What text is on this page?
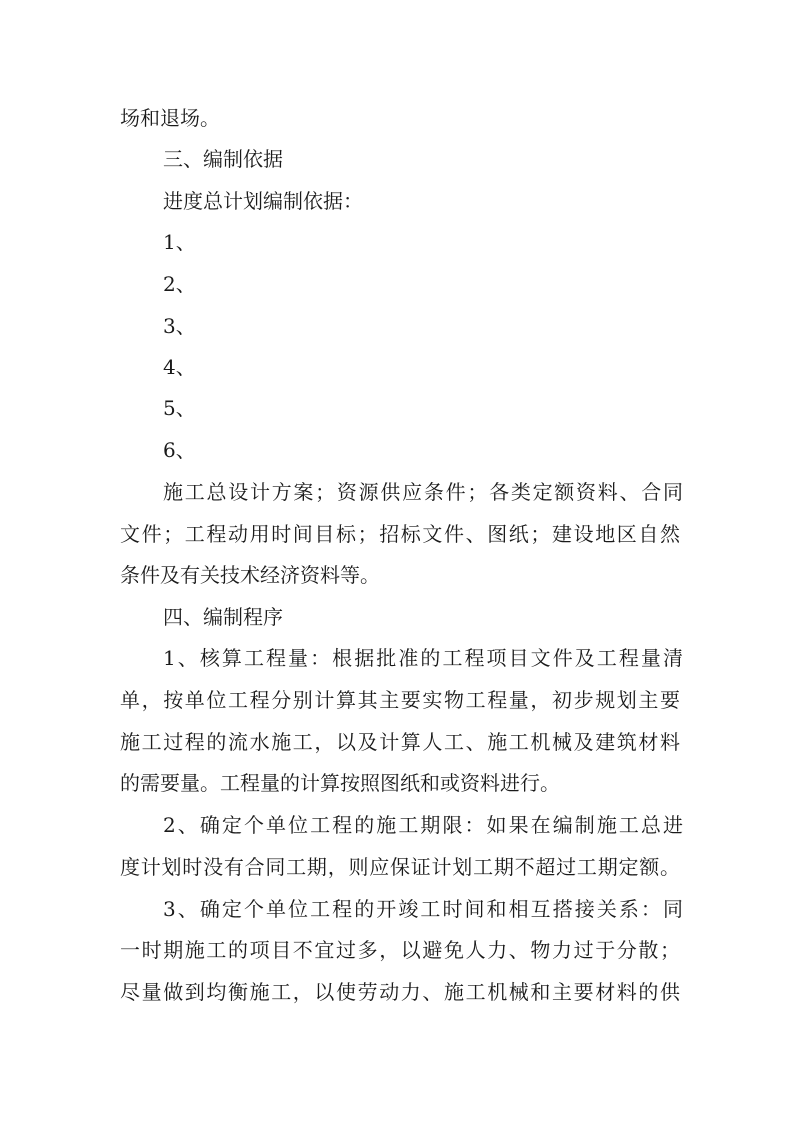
场和退场。
三、编制依据
进度总计划编制依据：
1、
2、
3、
4、
5、
6、
施工总设计方案；资源供应条件；各类定额资料、合同
文件；工程动用时间目标；招标文件、图纸；建设地区自然
条件及有关技术经济资料等。
四、编制程序
1、核算工程量：根据批准的工程项目文件及工程量清
单，按单位工程分别计算其主要实物工程量，初步规划主要
施工过程的流水施工，以及计算人工、施工机械及建筑材料
的需要量。工程量的计算按照图纸和或资料进行。
2、确定个单位工程的施工期限：如果在编制施工总进
度计划时没有合同工期，则应保证计划工期不超过工期定额。
3、确定个单位工程的开竣工时间和相互搭接关系：同
一时期施工的项目不宜过多，以避免人力、物力过于分散；
尽量做到均衡施工，以使劳动力、施工机械和主要材料的供
